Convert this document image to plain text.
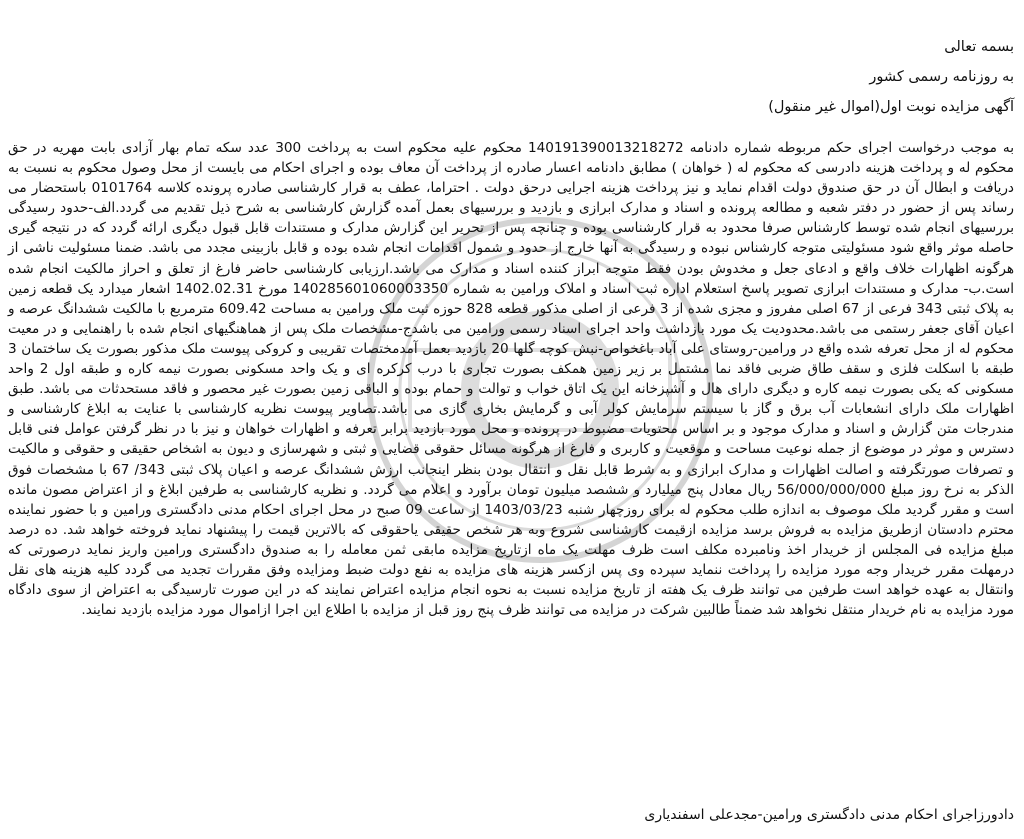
بسمه تعالی
به روزنامه رسمی کشور
آگهی مزایده نوبت اول(اموال غیر منقول)

به موجب درخواست اجرای حکم مربوطه شماره دادنامه 140191390013218272 محکوم علیه محکوم است به پرداخت 300 عدد سکه تمام بهار آزادی بابت مهریه در حق محکوم له و پرداخت هزینه دادرسی که محکوم له ( خواهان ) مطابق دادنامه اعسار صادره از پرداخت آن معاف بوده و اجرای احکام می بایست از محل وصول محکوم به نسبت به دریافت و ابطال آن در حق صندوق دولت اقدام نماید و نیز پرداخت هزینه اجرایی درحق دولت . احتراما، عطف به قرار کارشناسی صادره پرونده کلاسه 0101764 باستحضار می رساند پس از حضور در دفتر شعبه و مطالعه پرونده و اسناد و مدارک ابرازی و بازدید و بررسیهای بعمل آمده گزارش کارشناسی به شرح ذیل تقدیم می گردد.الف-حدود رسیدگی بررسیهای انجام شده توسط کارشناس صرفا محدود به قرار کارشناسی بوده و چنانچه پس از تحریر این گزارش مدارک و مستندات قابل قبول دیگری ارائه گردد که در نتیجه گیری حاصله موثر واقع شود مسئولیتی متوجه کارشناس نبوده و رسیدگی به آنها خارج از حدود و شمول اقدامات انجام شده بوده و قابل بازبینی مجدد می باشد. ضمنا مسئولیت ناشی از هرگونه اظهارات خلاف واقع و ادعای جعل و مخدوش بودن فقط متوجه ابراز کننده اسناد و مدارک می باشد.ارزیابی کارشناسی حاضر فارغ از تعلق و احراز مالکیت انجام شده است.ب- مدارک و مستندات ابرازی تصویر پاسخ استعلام اداره ثبت اسناد و املاک ورامین به شماره 140285601060003350 مورخ 1402.02.31 اشعار میدارد یک قطعه زمین به پلاک ثبتی 343 فرعی از 67 اصلی مفروز و مجزی شده از 3 فرعی از اصلی مذکور قطعه 828 حوزه ثبت ملک ورامین به مساحت 609.42 مترمربع با مالکیت ششدانگ عرصه و اعیان آقای جعفر رستمی می باشد.محدودیت یک مورد بازداشت واحد اجرای اسناد رسمی ورامین می باشدج-مشخصات ملک پس از هماهنگیهای انجام شده با راهنمایی و در معیت محکوم له از محل تعرفه شده واقع در ورامین-روستای علی آباد باغخواص-نبش کوچه گلها 20 بازدید بعمل آمدمختصات تقریبی و کروکی پیوست ملک مذکور بصورت یک ساختمان 3 طبقه با اسکلت فلزی و سقف طاق ضربی فاقد نما مشتمل بر زیر زمین همکف بصورت تجاری با درب کرکره ای و یک واحد مسکونی بصورت نیمه کاره و طبقه اول 2 واحد مسکونی که یکی بصورت نیمه کاره و دیگری دارای هال و آشپزخانه این یک اتاق خواب و توالت و حمام بوده و الباقی زمین بصورت غیر محصور و فاقد مستحدثات می باشد. طبق اظهارات ملک دارای انشعابات آب برق و گاز با سیستم سرمایش کولر آبی و گرمایش بخاری گازی می باشد.تصاویر پیوست نظریه کارشناسی با عنایت به ابلاغ کارشناسی و مندرجات متن گزارش و اسناد و مدارک موجود و بر اساس محتویات مضبوط در پرونده و محل مورد بازدید برابر تعرفه و اظهارات خواهان و نیز با در نظر گرفتن عوامل فنی قابل دسترس و موثر در موضوع از جمله نوعیت مساحت و موقعیت و کاربری و فارغ از هرگونه مسائل حقوقی قضایی و ثبتی و شهرسازی و دیون به اشخاص حقیقی و حقوقی و مالکیت و تصرفات صورتگرفته و اصالت اظهارات و مدارک ابرازی و به شرط قابل نقل و انتقال بودن بنظر اینجانب ارزش ششدانگ عرصه و اعیان پلاک ثبتی 343/ 67 با مشخصات فوق الذکر به نرخ روز مبلغ 56/000/000/000 ریال معادل پنج میلیارد و ششصد میلیون تومان برآورد و اعلام می گردد. و نظریه کارشناسی به طرفین ابلاغ و از اعتراض مصون مانده است و مقرر گردید ملک موصوف به اندازه طلب محکوم له برای روزچهار شنبه 1403/03/23 از ساعت 09 صبح در محل اجرای احکام مدنی دادگستری ورامین و با حضور نماینده محترم دادستان ازطریق مزایده به فروش برسد مزایده ازقیمت کارشناسی شروع وبه هر شخص حقیقی یاحقوقی که بالاترین قیمت را پیشنهاد نماید فروخته خواهد شد. ده درصد مبلغ مزایده فی المجلس از خریدار اخذ ونامبرده مکلف است ظرف مهلت یک ماه ازتاریخ مزایده مابقی ثمن معامله را به صندوق دادگستری ورامین واریز نماید درصورتی که درمهلت مقرر خریدار وجه مورد مزایده را پرداخت ننماید سپرده وی پس ازکسر هزینه های مزایده به نفع دولت ضبط ومزایده وفق مقررات تجدید می گردد کلیه هزینه های نقل وانتقال به عهده خواهد است طرفین می توانند ظرف یک هفته از تاریخ مزایده نسبت به نحوه انجام مزایده اعتراض نمایند که در این صورت تارسیدگی به اعتراض از سوی دادگاه مورد مزایده به نام خریدار منتقل نخواهد شد ضمناً طالبین شرکت در مزایده می توانند ظرف پنج روز قبل از مزایده با اطلاع این اجرا ازاموال مورد مزایده بازدید نمایند.

دادورزاجرای احکام مدنی دادگستری ورامین-مجدعلی اسفندیاری
